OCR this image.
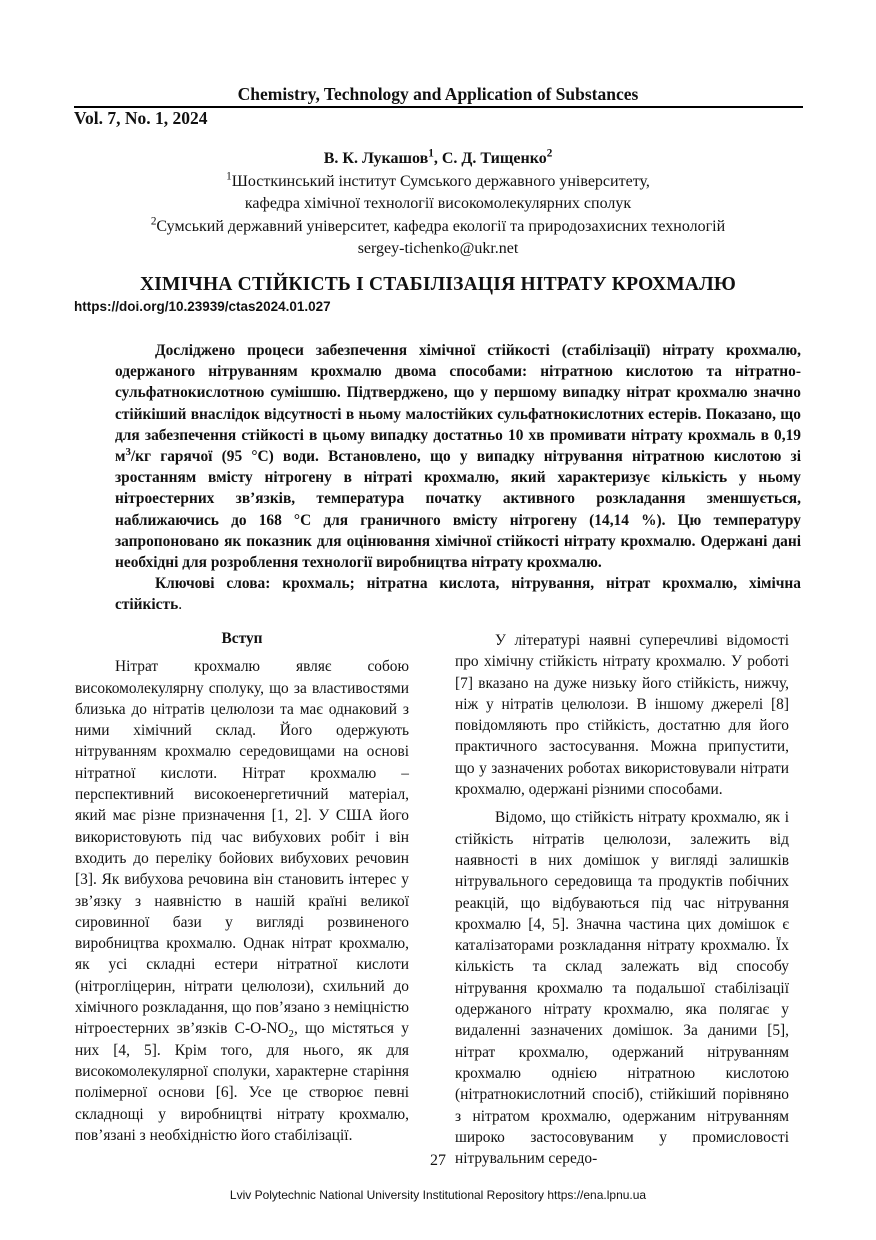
Chemistry, Technology and Application of Substances
Vol. 7, No. 1, 2024
В. К. Лукашов$^1$, С. Д. Тищенко$^2$
$^1$Шосткинський інститут Сумського державного університету,
кафедра хімічної технології високомолекулярних сполук
$^2$Сумський державний університет, кафедра екології та природозахисних технологій
sergey-tichenko@ukr.net
ХІМІЧНА СТІЙКІСТЬ І СТАБІЛІЗАЦІЯ НІТРАТУ КРОХМАЛЮ
https://doi.org/10.23939/ctas2024.01.027

Досліджено процеси забезпечення хімічної стійкості (стабілізації) нітрату крохмалю, одержаного нітруванням крохмалю двома способами: нітратною кислотою та нітратно-сульфатнокислотною сумішшю. Підтверджено, що у першому випадку нітрат крохмалю значно стійкіший внаслідок відсутності в ньому малостійких сульфатнокислотних естерів. Показано, що для забезпечення стійкості в цьому випадку достатньо 10 хв промивати нітрату крохмаль в 0,19 $м^3/кг$ гарячої (95 °С) води. Встановлено, що у випадку нітрування нітратною кислотою зі зростанням вмісту нітрогену в нітраті крохмалю, який характеризує кількість у ньому нітроестерних зв’язків, температура початку активного розкладання зменшується, наближаючись до 168 °С для граничного вмісту нітрогену (14,14 %). Цю температуру запропоновано як показник для оцінювання хімічної стійкості нітрату крохмалю. Одержані дані необхідні для розроблення технології виробництва нітрату крохмалю.

Ключові слова: крохмаль; нітратна кислота, нітрування, нітрат крохмалю, хімічна стійкість.

Вступ

Нітрат крохмалю являє собою високомолекулярну сполуку, що за властивостями близька до нітратів целюлози та має однаковий з ними хімічний склад. Його одержують нітруванням крохмалю середовищами на основі нітратної кислоти. Нітрат крохмалю – перспективний високоенергетичний матеріал, який має різне призначення [1, 2]. У США його використовують під час вибухових робіт і він входить до переліку бойових вибухових речовин [3]. Як вибухова речовина він становить інтерес у зв’язку з наявністю в нашій країні великої сировинної бази у вигляді розвиненого виробництва крохмалю. Однак нітрат крохмалю, як усі складні естери нітратної кислоти (нітрогліцерин, нітрати целюлози), схильний до хімічного розкладання, що пов’язано з неміцністю нітроестерних зв’язків $С-O-NO_2$, що містяться у них [4, 5]. Крім того, для нього, як для високомолекулярної сполуки, характерне старіння полімерної основи [6]. Усе це створює певні складнощі у виробництві нітрату крохмалю, пов’язані з необхідністю його стабілізації.

У літературі наявні суперечливі відомості про хімічну стійкість нітрату крохмалю. У роботі [7] вказано на дуже низьку його стійкість, нижчу, ніж у нітратів целюлози. В іншому джерелі [8] повідомляють про стійкість, достатню для його практичного застосування. Можна припустити, що у зазначених роботах використовували нітрати крохмалю, одержані різними способами.

Відомо, що стійкість нітрату крохмалю, як і стійкість нітратів целюлози, залежить від наявності в них домішок у вигляді залишків нітрувального середовища та продуктів побічних реакцій, що відбуваються під час нітрування крохмалю [4, 5]. Значна частина цих домішок є каталізаторами розкладання нітрату крохмалю. Їх кількість та склад залежать від способу нітрування крохмалю та подальшої стабілізації одержаного нітрату крохмалю, яка полягає у видаленні зазначених домішок. За даними [5], нітрат крохмалю, одержаний нітруванням крохмалю однією нітратною кислотою (нітратнокислотний спосіб), стійкіший порівняно з нітратом крохмалю, одержаним нітруванням широко застосовуваним у промисловості нітрувальним середо-

27
Lviv Polytechnic National University Institutional Repository https://ena.lpnu.ua
